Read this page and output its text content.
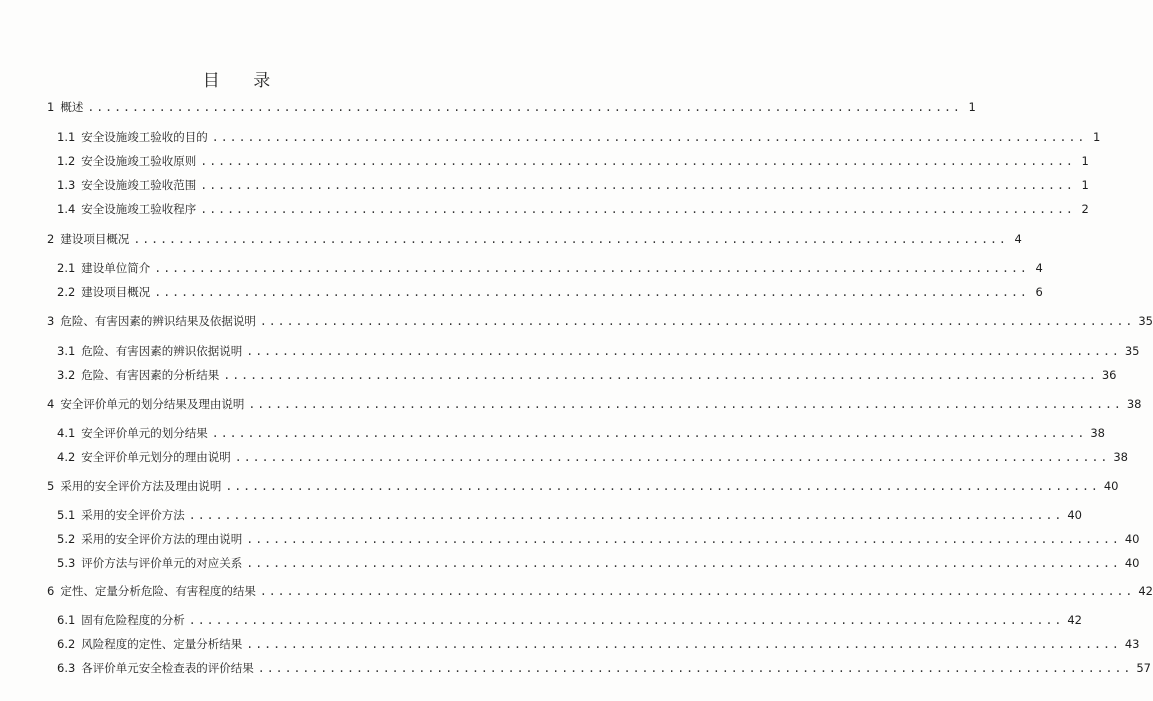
目 录
1 概述 .................................................................................................. 1
1.1 安全设施竣工验收的目的 .................................................................................................. 1
1.2 安全设施竣工验收原则 .................................................................................................. 1
1.3 安全设施竣工验收范围 .................................................................................................. 1
1.4 安全设施竣工验收程序 .................................................................................................. 2
2 建设项目概况 .................................................................................................. 4
2.1 建设单位简介 .................................................................................................. 4
2.2 建设项目概况 .................................................................................................. 6
3 危险、有害因素的辨识结果及依据说明 .................................................................................................. 35
3.1 危险、有害因素的辨识依据说明 .................................................................................................. 35
3.2 危险、有害因素的分析结果 .................................................................................................. 36
4 安全评价单元的划分结果及理由说明 .................................................................................................. 38
4.1 安全评价单元的划分结果 .................................................................................................. 38
4.2 安全评价单元划分的理由说明 .................................................................................................. 38
5 采用的安全评价方法及理由说明 .................................................................................................. 40
5.1 采用的安全评价方法 .................................................................................................. 40
5.2 采用的安全评价方法的理由说明 .................................................................................................. 40
5.3 评价方法与评价单元的对应关系 .................................................................................................. 40
6 定性、定量分析危险、有害程度的结果 .................................................................................................. 42
6.1 固有危险程度的分析 .................................................................................................. 42
6.2 风险程度的定性、定量分析结果 .................................................................................................. 43
6.3 各评价单元安全检查表的评价结果 .................................................................................................. 57
